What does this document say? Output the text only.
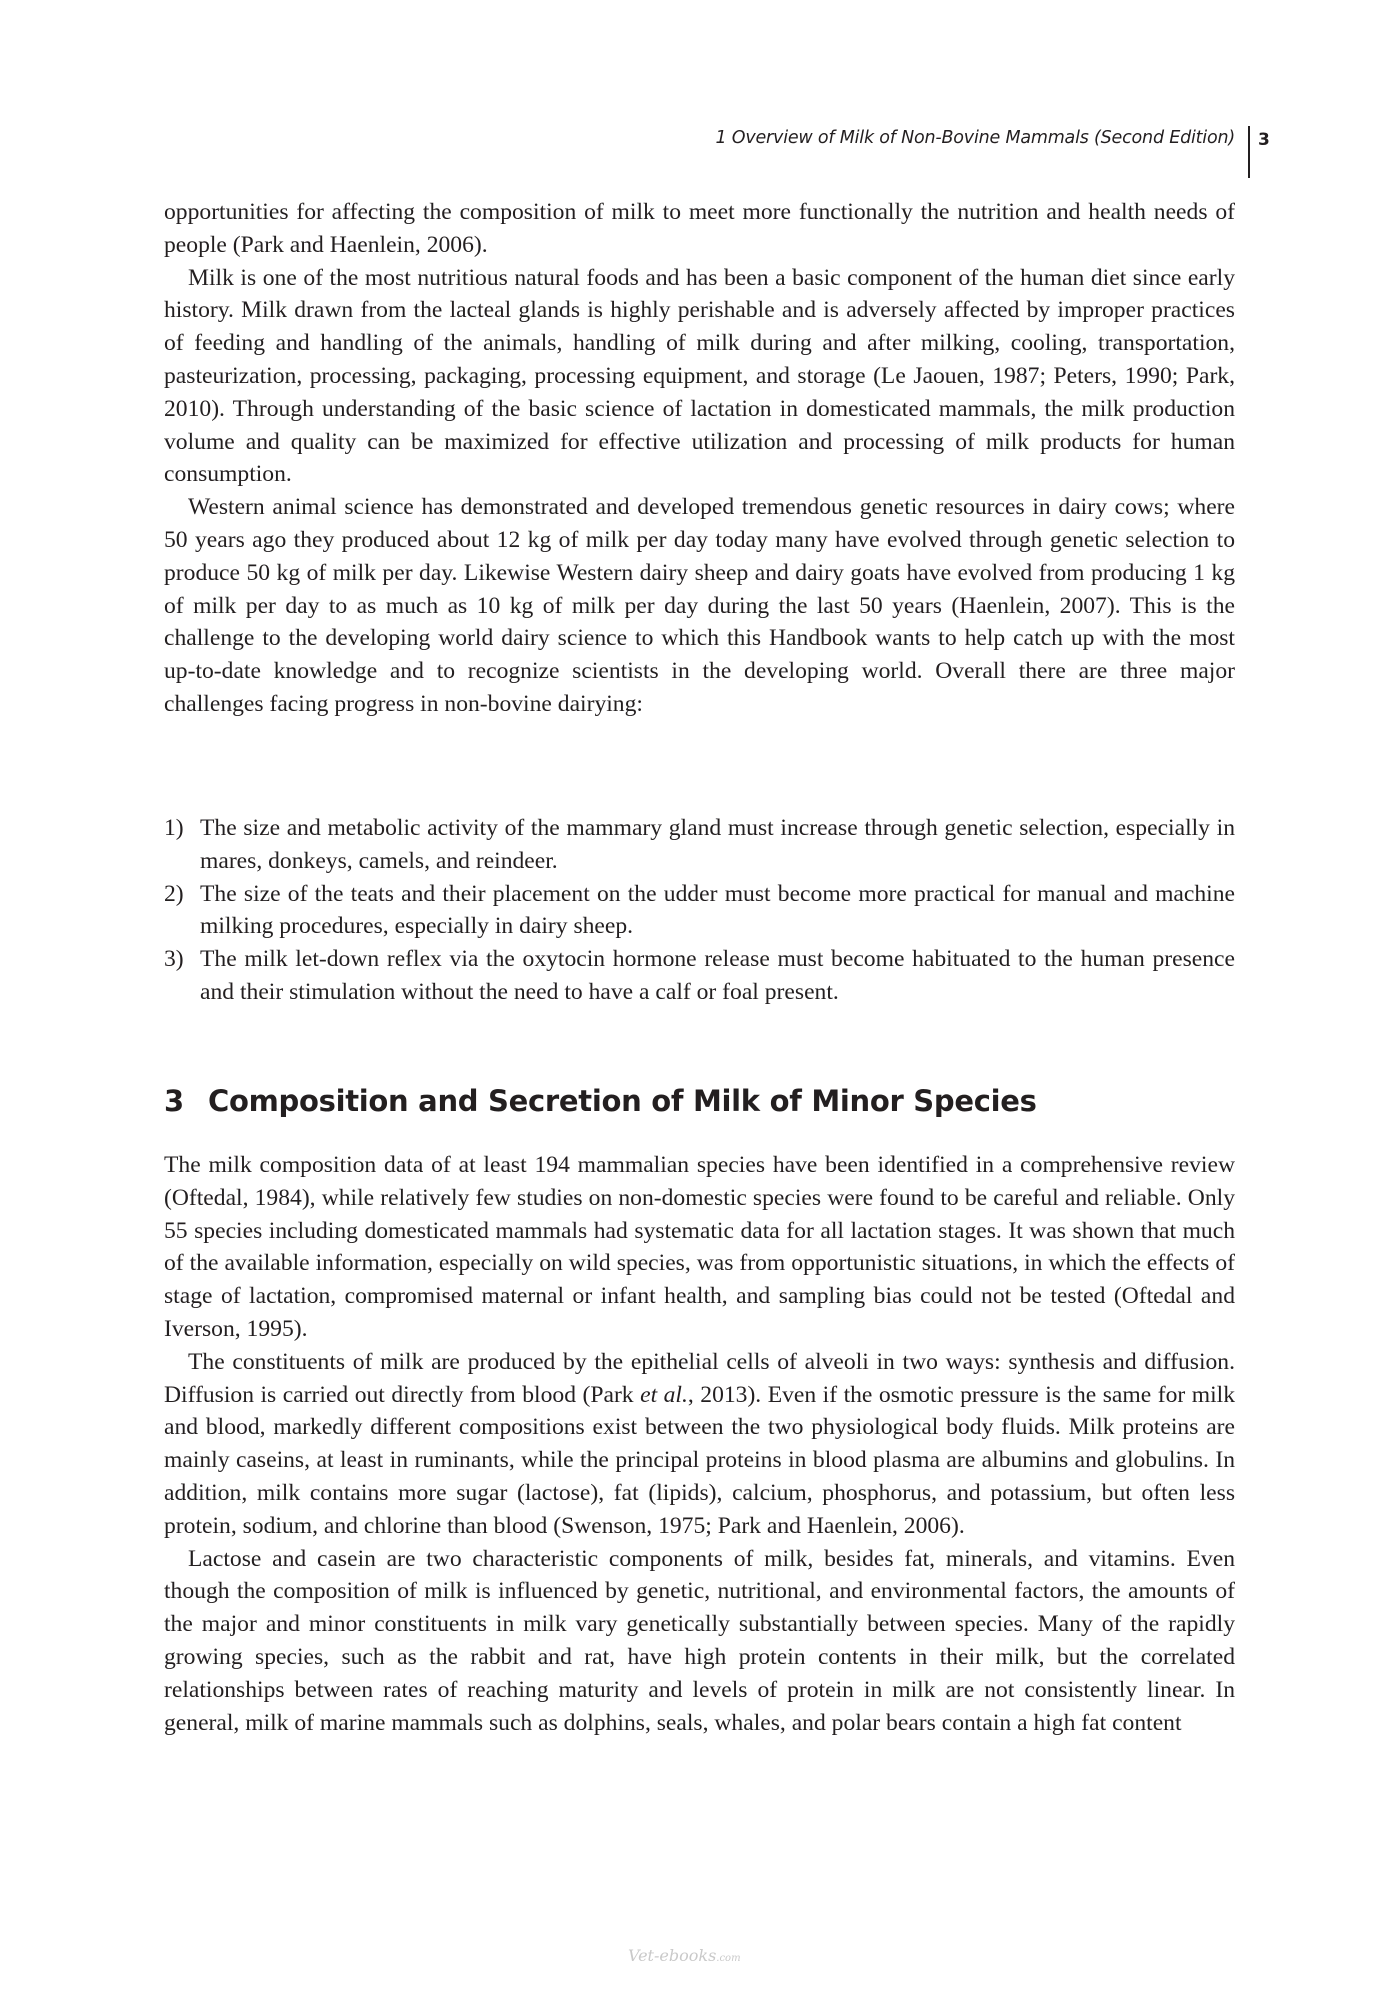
1 Overview of Milk of Non-Bovine Mammals (Second Edition) 3

opportunities for affecting the composition of milk to meet more functionally the nutrition and health needs of people (Park and Haenlein, 2006).

Milk is one of the most nutritious natural foods and has been a basic component of the human diet since early history. Milk drawn from the lacteal glands is highly perishable and is adversely affected by improper practices of feeding and handling of the animals, handling of milk during and after milking, cooling, transportation, pasteurization, processing, packaging, processing equipment, and storage (Le Jaouen, 1987; Peters, 1990; Park, 2010). Through understanding of the basic science of lactation in domesticated mammals, the milk production volume and quality can be maximized for effective utilization and processing of milk products for human consumption.

Western animal science has demonstrated and developed tremendous genetic resources in dairy cows; where 50 years ago they produced about 12 kg of milk per day today many have evolved through genetic selection to produce 50 kg of milk per day. Likewise Western dairy sheep and dairy goats have evolved from producing 1 kg of milk per day to as much as 10 kg of milk per day during the last 50 years (Haenlein, 2007). This is the challenge to the developing world dairy science to which this Handbook wants to help catch up with the most up-to-date knowledge and to recognize scientists in the developing world. Overall there are three major challenges facing progress in non-bovine dairying:

1) The size and metabolic activity of the mammary gland must increase through genetic selection, especially in mares, donkeys, camels, and reindeer.
2) The size of the teats and their placement on the udder must become more practical for manual and machine milking procedures, especially in dairy sheep.
3) The milk let-down reflex via the oxytocin hormone release must become habituated to the human presence and their stimulation without the need to have a calf or foal present.
3 Composition and Secretion of Milk of Minor Species

The milk composition data of at least 194 mammalian species have been identified in a comprehensive review (Oftedal, 1984), while relatively few studies on non-domestic species were found to be careful and reliable. Only 55 species including domesticated mammals had systematic data for all lactation stages. It was shown that much of the available information, especially on wild species, was from opportunistic situations, in which the effects of stage of lactation, compromised maternal or infant health, and sampling bias could not be tested (Oftedal and Iverson, 1995).

The constituents of milk are produced by the epithelial cells of alveoli in two ways: synthesis and diffusion. Diffusion is carried out directly from blood (Park et al., 2013). Even if the osmotic pressure is the same for milk and blood, markedly different compositions exist between the two physiological body fluids. Milk proteins are mainly caseins, at least in ruminants, while the principal proteins in blood plasma are albumins and globulins. In addition, milk contains more sugar (lactose), fat (lipids), calcium, phosphorus, and potassium, but often less protein, sodium, and chlorine than blood (Swenson, 1975; Park and Haenlein, 2006).

Lactose and casein are two characteristic components of milk, besides fat, minerals, and vitamins. Even though the composition of milk is influenced by genetic, nutritional, and environmental factors, the amounts of the major and minor constituents in milk vary genetically substantially between species. Many of the rapidly growing species, such as the rabbit and rat, have high protein contents in their milk, but the correlated relationships between rates of reaching maturity and levels of protein in milk are not consistently linear. In general, milk of marine mammals such as dolphins, seals, whales, and polar bears contain a high fat content

Vet-ebooks.com
